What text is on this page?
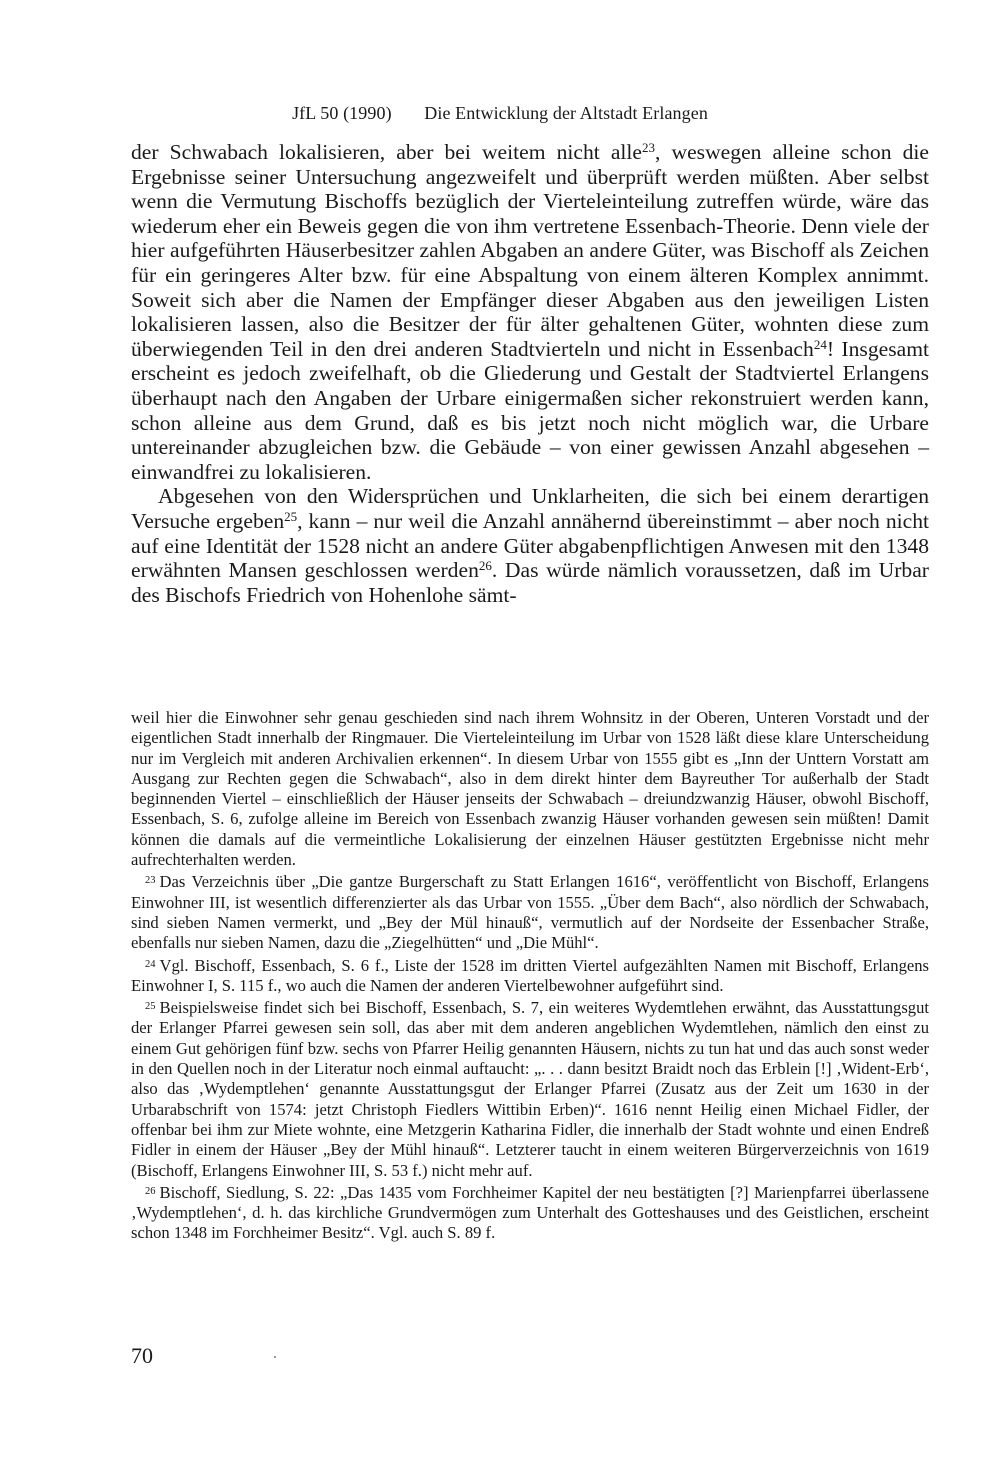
JfL 50 (1990) Die Entwicklung der Altstadt Erlangen

der Schwabach lokalisieren, aber bei weitem nicht alle$^{23}$, weswegen alleine schon die Ergebnisse seiner Untersuchung angezweifelt und überprüft werden müßten. Aber selbst wenn die Vermutung Bischoffs bezüglich der Vierteleinteilung zutreffen würde, wäre das wiederum eher ein Beweis gegen die von ihm vertretene Essenbach-Theorie. Denn viele der hier aufgeführten Häuserbesitzer zahlen Abgaben an andere Güter, was Bischoff als Zeichen für ein geringeres Alter bzw. für eine Abspaltung von einem älteren Komplex annimmt. Soweit sich aber die Namen der Empfänger dieser Abgaben aus den jeweiligen Listen lokalisieren lassen, also die Besitzer der für älter gehaltenen Güter, wohnten diese zum überwiegenden Teil in den drei anderen Stadtvierteln und nicht in Essenbach$^{24}$! Insgesamt erscheint es jedoch zweifelhaft, ob die Gliederung und Gestalt der Stadtviertel Erlangens überhaupt nach den Angaben der Urbare einigermaßen sicher rekonstruiert werden kann, schon alleine aus dem Grund, daß es bis jetzt noch nicht möglich war, die Urbare untereinander abzugleichen bzw. die Gebäude – von einer gewissen Anzahl abgesehen – einwandfrei zu lokalisieren.

Abgesehen von den Widersprüchen und Unklarheiten, die sich bei einem derartigen Versuche ergeben$^{25}$, kann – nur weil die Anzahl annähernd übereinstimmt – aber noch nicht auf eine Identität der 1528 nicht an andere Güter abgabenpflichtigen Anwesen mit den 1348 erwähnten Mansen geschlossen werden$^{26}$. Das würde nämlich voraussetzen, daß im Urbar des Bischofs Friedrich von Hohenlohe sämt-

weil hier die Einwohner sehr genau geschieden sind nach ihrem Wohnsitz in der Oberen, Unteren Vorstadt und der eigentlichen Stadt innerhalb der Ringmauer. Die Vierteleinteilung im Urbar von 1528 läßt diese klare Unterscheidung nur im Vergleich mit anderen Archivalien erkennen“. In diesem Urbar von 1555 gibt es „Inn der Unttern Vorstatt am Ausgang zur Rechten gegen die Schwabach“, also in dem direkt hinter dem Bayreuther Tor außerhalb der Stadt beginnenden Viertel – einschließlich der Häuser jenseits der Schwabach – dreiundzwanzig Häuser, obwohl Bischoff, Essenbach, S. 6, zufolge alleine im Bereich von Essenbach zwanzig Häuser vorhanden gewesen sein müßten! Damit können die damals auf die vermeintliche Lokalisierung der einzelnen Häuser gestützten Ergebnisse nicht mehr aufrechterhalten werden.

$^{23}$ Das Verzeichnis über „Die gantze Burgerschaft zu Statt Erlangen 1616“, veröffentlicht von Bischoff, Erlangens Einwohner III, ist wesentlich differenzierter als das Urbar von 1555. „Über dem Bach“, also nördlich der Schwabach, sind sieben Namen vermerkt, und „Bey der Mül hinauß“, vermutlich auf der Nordseite der Essenbacher Straße, ebenfalls nur sieben Namen, dazu die „Ziegelhütten“ und „Die Mühl“.

$^{24}$ Vgl. Bischoff, Essenbach, S. 6 f., Liste der 1528 im dritten Viertel aufgezählten Namen mit Bischoff, Erlangens Einwohner I, S. 115 f., wo auch die Namen der anderen Viertelbewohner aufgeführt sind.

$^{25}$ Beispielsweise findet sich bei Bischoff, Essenbach, S. 7, ein weiteres Wydemtlehen erwähnt, das Ausstattungsgut der Erlanger Pfarrei gewesen sein soll, das aber mit dem anderen angeblichen Wydemtlehen, nämlich den einst zu einem Gut gehörigen fünf bzw. sechs von Pfarrer Heilig genannten Häusern, nichts zu tun hat und das auch sonst weder in den Quellen noch in der Literatur noch einmal auftaucht: „. . . dann besitzt Braidt noch das Erblein [!] ‚Wident-Erb‘, also das ‚Wydemptlehen‘ genannte Ausstattungsgut der Erlanger Pfarrei (Zusatz aus der Zeit um 1630 in der Urbarabschrift von 1574: jetzt Christoph Fiedlers Wittibin Erben)“. 1616 nennt Heilig einen Michael Fidler, der offenbar bei ihm zur Miete wohnte, eine Metzgerin Katharina Fidler, die innerhalb der Stadt wohnte und einen Endreß Fidler in einem der Häuser „Bey der Mühl hinauß“. Letzterer taucht in einem weiteren Bürgerverzeichnis von 1619 (Bischoff, Erlangens Einwohner III, S. 53 f.) nicht mehr auf.

$^{26}$ Bischoff, Siedlung, S. 22: „Das 1435 vom Forchheimer Kapitel der neu bestätigten [?] Marienpfarrei überlassene ‚Wydemptlehen‘, d. h. das kirchliche Grundvermögen zum Unterhalt des Gotteshauses und des Geistlichen, erscheint schon 1348 im Forchheimer Besitz“. Vgl. auch S. 89 f.

70
